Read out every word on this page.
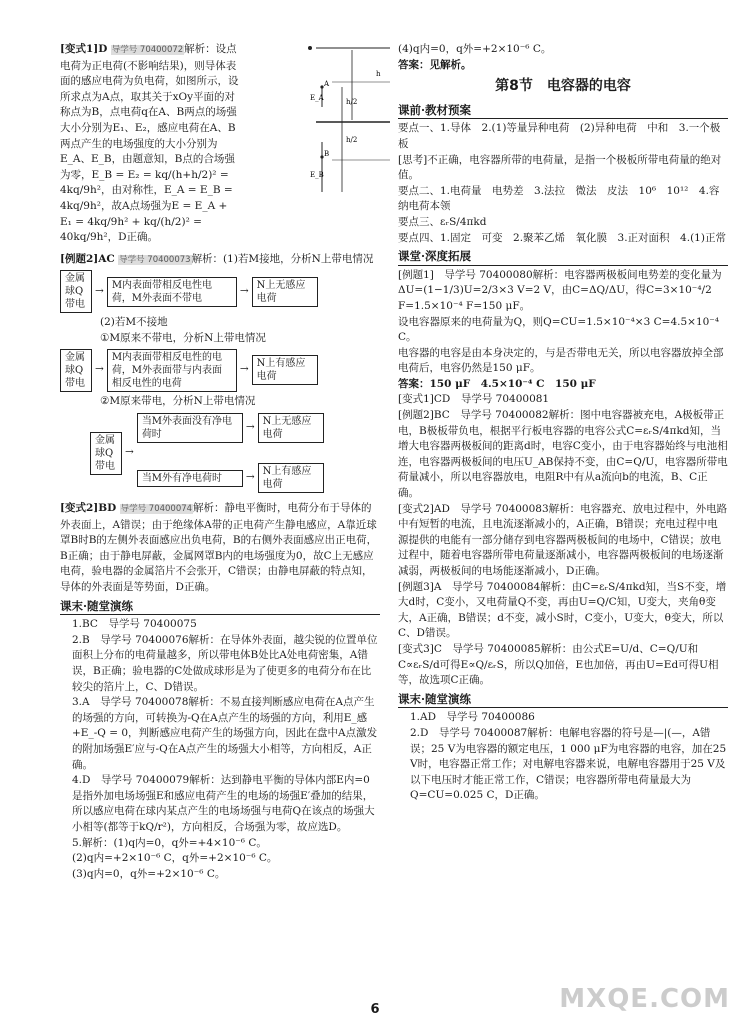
h
h/2
h/2
E_A
E_B
A
B

[变式1]D 导学号 70400072解析：设点电荷为正电荷(不影响结果)，则导体表面的感应电荷为负电荷，如图所示，设所求点为A点，取其关于xOy平面的对称点为B，点电荷q在A、B两点的场强大小分别为E₁、E₂，感应电荷在A、B两点产生的电场强度的大小分别为E_A、E_B，由题意知，B点的合场强为零，E_B = E₂ = kq/(h+h/2)² = 4kq/9h²，由对称性，E_A = E_B = 4kq/9h²，故A点场强为E = E_A + E₁ = 4kq/9h² + kq/(h/2)² = 40kq/9h²，D正确。

[例题2]AC 导学号 70400073解析：(1)若M接地，分析N上带电情况

金属球Q带电
→ M内表面带相反电性电荷，M外表面不带电
→ N上无感应电荷

(2)若M不接地

①M原来不带电，分析N上带电情况

金属球Q带电
→
M内表面带相反电性的电荷，M外表面带与内表面相反电性的电荷
→ N上有感应电荷

②M原来带电，分析N上带电情况

金属球Q带电
→
当M外表面没有净电荷时
→ N上无感应电荷
当M外有净电荷时	→ N上有感应电荷

[变式2]BD 导学号 70400074解析：静电平衡时，电荷分布于导体的外表面上，A错误；由于绝缘体A带的正电荷产生静电感应，A靠近球罩B时B的左侧外表面感应出负电荷，B的右侧外表面感应出正电荷，B正确；由于静电屏蔽，金属网罩B内的电场强度为0，故C上无感应电荷，验电器的金属箔片不会张开，C错误；由静电屏蔽的特点知，导体的外表面是等势面，D正确。

课末·随堂演练

1.BC　导学号 70400075

2.B　导学号 70400076解析：在导体外表面，越尖锐的位置单位面积上分布的电荷量越多，所以带电体B处比A处电荷密集，A错误，B正确；验电器的C处做成球形是为了使更多的电荷分布在比较尖的箔片上，C、D错误。

3.A　导学号 70400078解析：不易直接判断感应电荷在A点产生的场强的方向，可转换为-Q在A点产生的场强的方向，利用E_感+E_-Q = 0，判断感应电荷产生的场强方向，因此在盘中A点激发的附加场强E′应与-Q在A点产生的场强大小相等，方向相反，A正确。

4.D　导学号 70400079解析：达到静电平衡的导体内部E内=0是指外加电场场强E和感应电荷产生的电场的场强E′叠加的结果，所以感应电荷在球内某点产生的电场场强与电荷Q在该点的场强大小相等(都等于kQ/r²)，方向相反，合场强为零，故应选D。

5.解析：(1)q内=0，q外=+4×10⁻⁶ C。

(2)q内=+2×10⁻⁶ C，q外=+2×10⁻⁶ C。

(3)q内=0，q外=+2×10⁻⁶ C。

(4)q内=0，q外=+2×10⁻⁶ C。

答案：见解析。

第8节　电容器的电容
课前·教材预案

要点一、1.导体　2.(1)等量异种电荷　(2)异种电荷　中和　3.一个极板

[思考]不正确，电容器所带的电荷量，是指一个极板所带电荷量的绝对值。

要点二、1.电荷量　电势差　3.法拉　微法　皮法　10⁶　10¹²　4.容纳电荷本领

要点三、εᵣS/4πkd

要点四、1.固定　可变　2.聚苯乙烯　氧化膜　3.正对面积　4.(1)正常

课堂·深度拓展

[例题1]　导学号 70400080解析：电容器两极板间电势差的变化量为

ΔU=(1−1/3)U=2/3×3 V=2 V，由C=ΔQ/ΔU，得C=3×10⁻⁴/2 F=1.5×10⁻⁴ F=150 μF。

设电容器原来的电荷量为Q，则Q=CU=1.5×10⁻⁴×3 C=4.5×10⁻⁴ C。

电容器的电容是由本身决定的，与是否带电无关，所以电容器放掉全部电荷后，电容仍然是150 μF。

答案：150 μF　4.5×10⁻⁴ C　150 μF

[变式1]CD　导学号 70400081

[例题2]BC　导学号 70400082解析：图中电容器被充电，A极板带正电，B极板带负电，根据平行板电容器的电容公式C=εᵣS/4πkd知，当增大电容器两极板间的距离d时，电容C变小，由于电容器始终与电池相连，电容器两极板间的电压U_AB保持不变，由C=Q/U，电容器所带电荷量减小，所以电容器放电，电阻R中有从a流向b的电流，B、C正确。

[变式2]AD　导学号 70400083解析：电容器充、放电过程中，外电路中有短暂的电流，且电流逐渐减小的，A正确，B错误；充电过程中电源提供的电能有一部分储存到电容器两极板间的电场中，C错误；放电过程中，随着电容器所带电荷量逐渐减小，电容器两极板间的电场逐渐减弱，两极板间的电场能逐渐减小，D正确。

[例题3]A　导学号 70400084解析：由C=εᵣS/4πkd知，当S不变，增大d时，C变小，又电荷量Q不变，再由U=Q/C知，U变大，夹角θ变大，A正确，B错误；d不变，减小S时，C变小，U变大，θ变大，所以C、D错误。

[变式3]C　导学号 70400085解析：由公式E=U/d、C=Q/U和C∝εᵣS/d可得E∝Q/εᵣS，所以Q加倍，E也加倍，再由U=Ed可得U相等，故选项C正确。

课末·随堂演练

1.AD　导学号 70400086

2.D　导学号 70400087解析：电解电容器的符号是—|(—，A错误；25 V为电容器的额定电压，1 000 μF为电容器的电容，加在25 V时，电容器正常工作；对电解电容器来说，电解电容器用于25 V及以下电压时才能正常工作，C错误；电容器所带电荷量最大为Q=CU=0.025 C，D正确。

6	MXQE.COM
